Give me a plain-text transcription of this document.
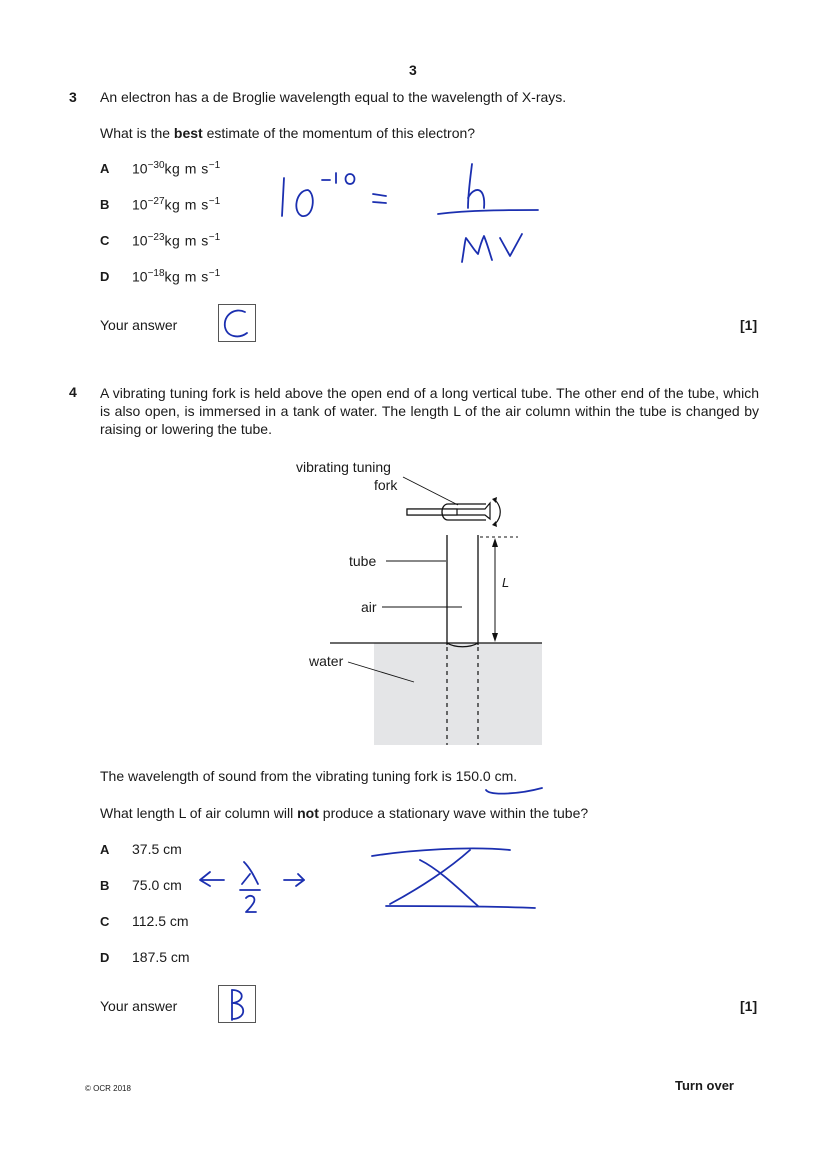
3
3 An electron has a de Broglie wavelength equal to the wavelength of X-rays.
What is the best estimate of the momentum of this electron?
A $10^{-30}kg$ m $s^{-1}$
B $10^{-27}kg$ m $s^{-1}$
C $10^{-23}kg$ m $s^{-1}$
D $10^{-18}kg$ m $s^{-1}$
Your answer	[1]
4 A vibrating tuning fork is held above the open end of a long vertical tube. The other end of the tube, which is also open, is immersed in a tank of water. The length L of the air column within the tube is changed by raising or lowering the tube.
vibrating tuning
fork
tube
air
water
L
The wavelength of sound from the vibrating tuning fork is 150.0 cm.
What length L of air column will not produce a stationary wave within the tube?
A 37.5 cm
B 75.0 cm
C 112.5 cm
D 187.5 cm
Your answer	[1]
© OCR 2018	Turn over
